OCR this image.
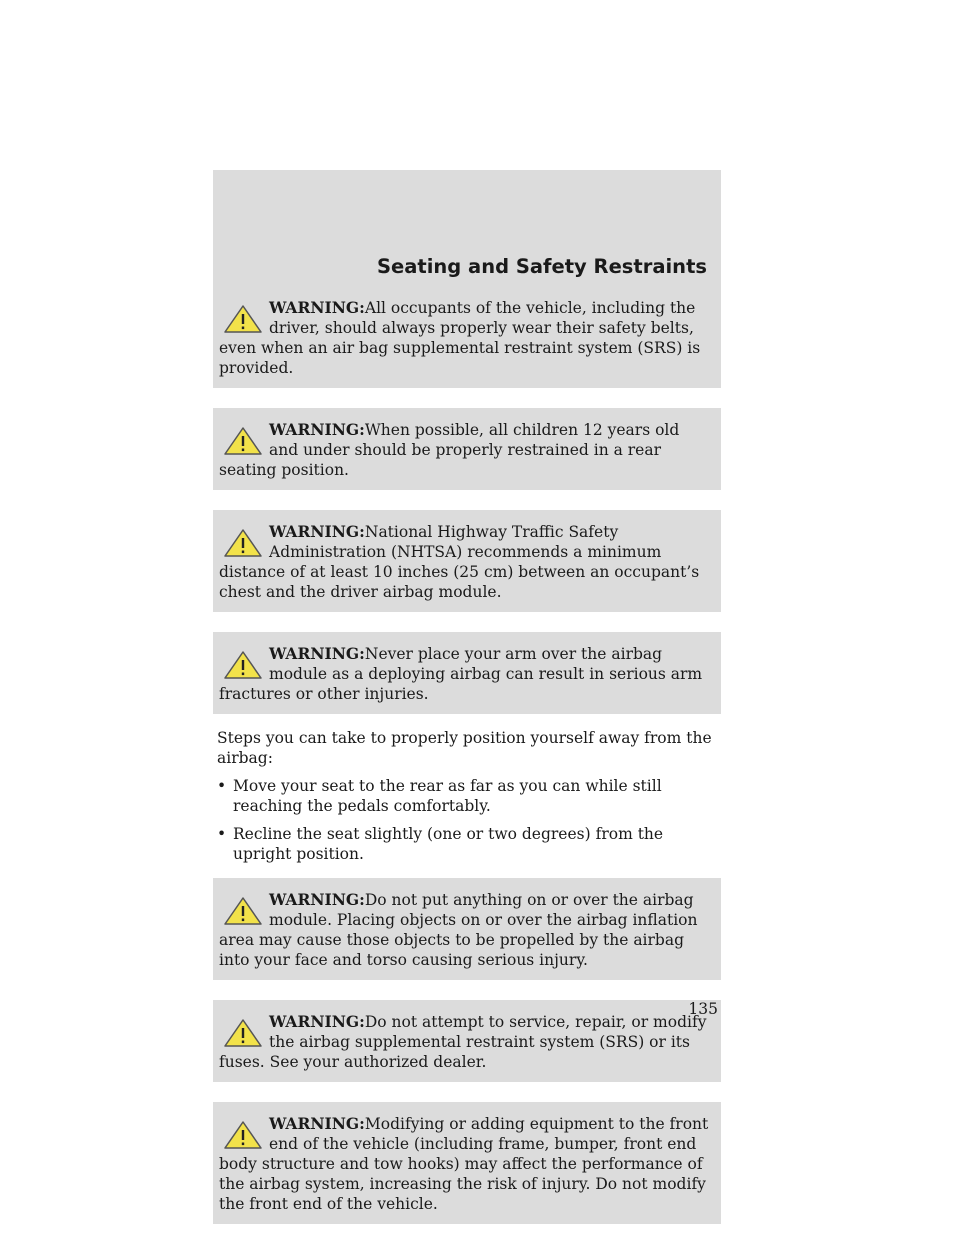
Seating and Safety Restraints
WARNING:All occupants of the vehicle, including the driver, should always properly wear their safety belts, even when an air bag supplemental restraint system (SRS) is provided.
WARNING:When possible, all children 12 years old and under should be properly restrained in a rear seating position.
WARNING:National Highway Traffic Safety Administration (NHTSA) recommends a minimum distance of at least 10 inches (25 cm) between an occupant’s chest and the driver airbag module.
WARNING:Never place your arm over the airbag module as a deploying airbag can result in serious arm fractures or other injuries.
Steps you can take to properly position yourself away from the airbag:
• Move your seat to the rear as far as you can while still reaching the pedals comfortably.
• Recline the seat slightly (one or two degrees) from the upright position.
WARNING:Do not put anything on or over the airbag module. Placing objects on or over the airbag inflation area may cause those objects to be propelled by the airbag into your face and torso causing serious injury.
WARNING:Do not attempt to service, repair, or modify the airbag supplemental restraint system (SRS) or its fuses. See your authorized dealer.
WARNING:Modifying or adding equipment to the front end of the vehicle (including frame, bumper, front end body structure and tow hooks) may affect the performance of the airbag system, increasing the risk of injury. Do not modify the front end of the vehicle.
135
